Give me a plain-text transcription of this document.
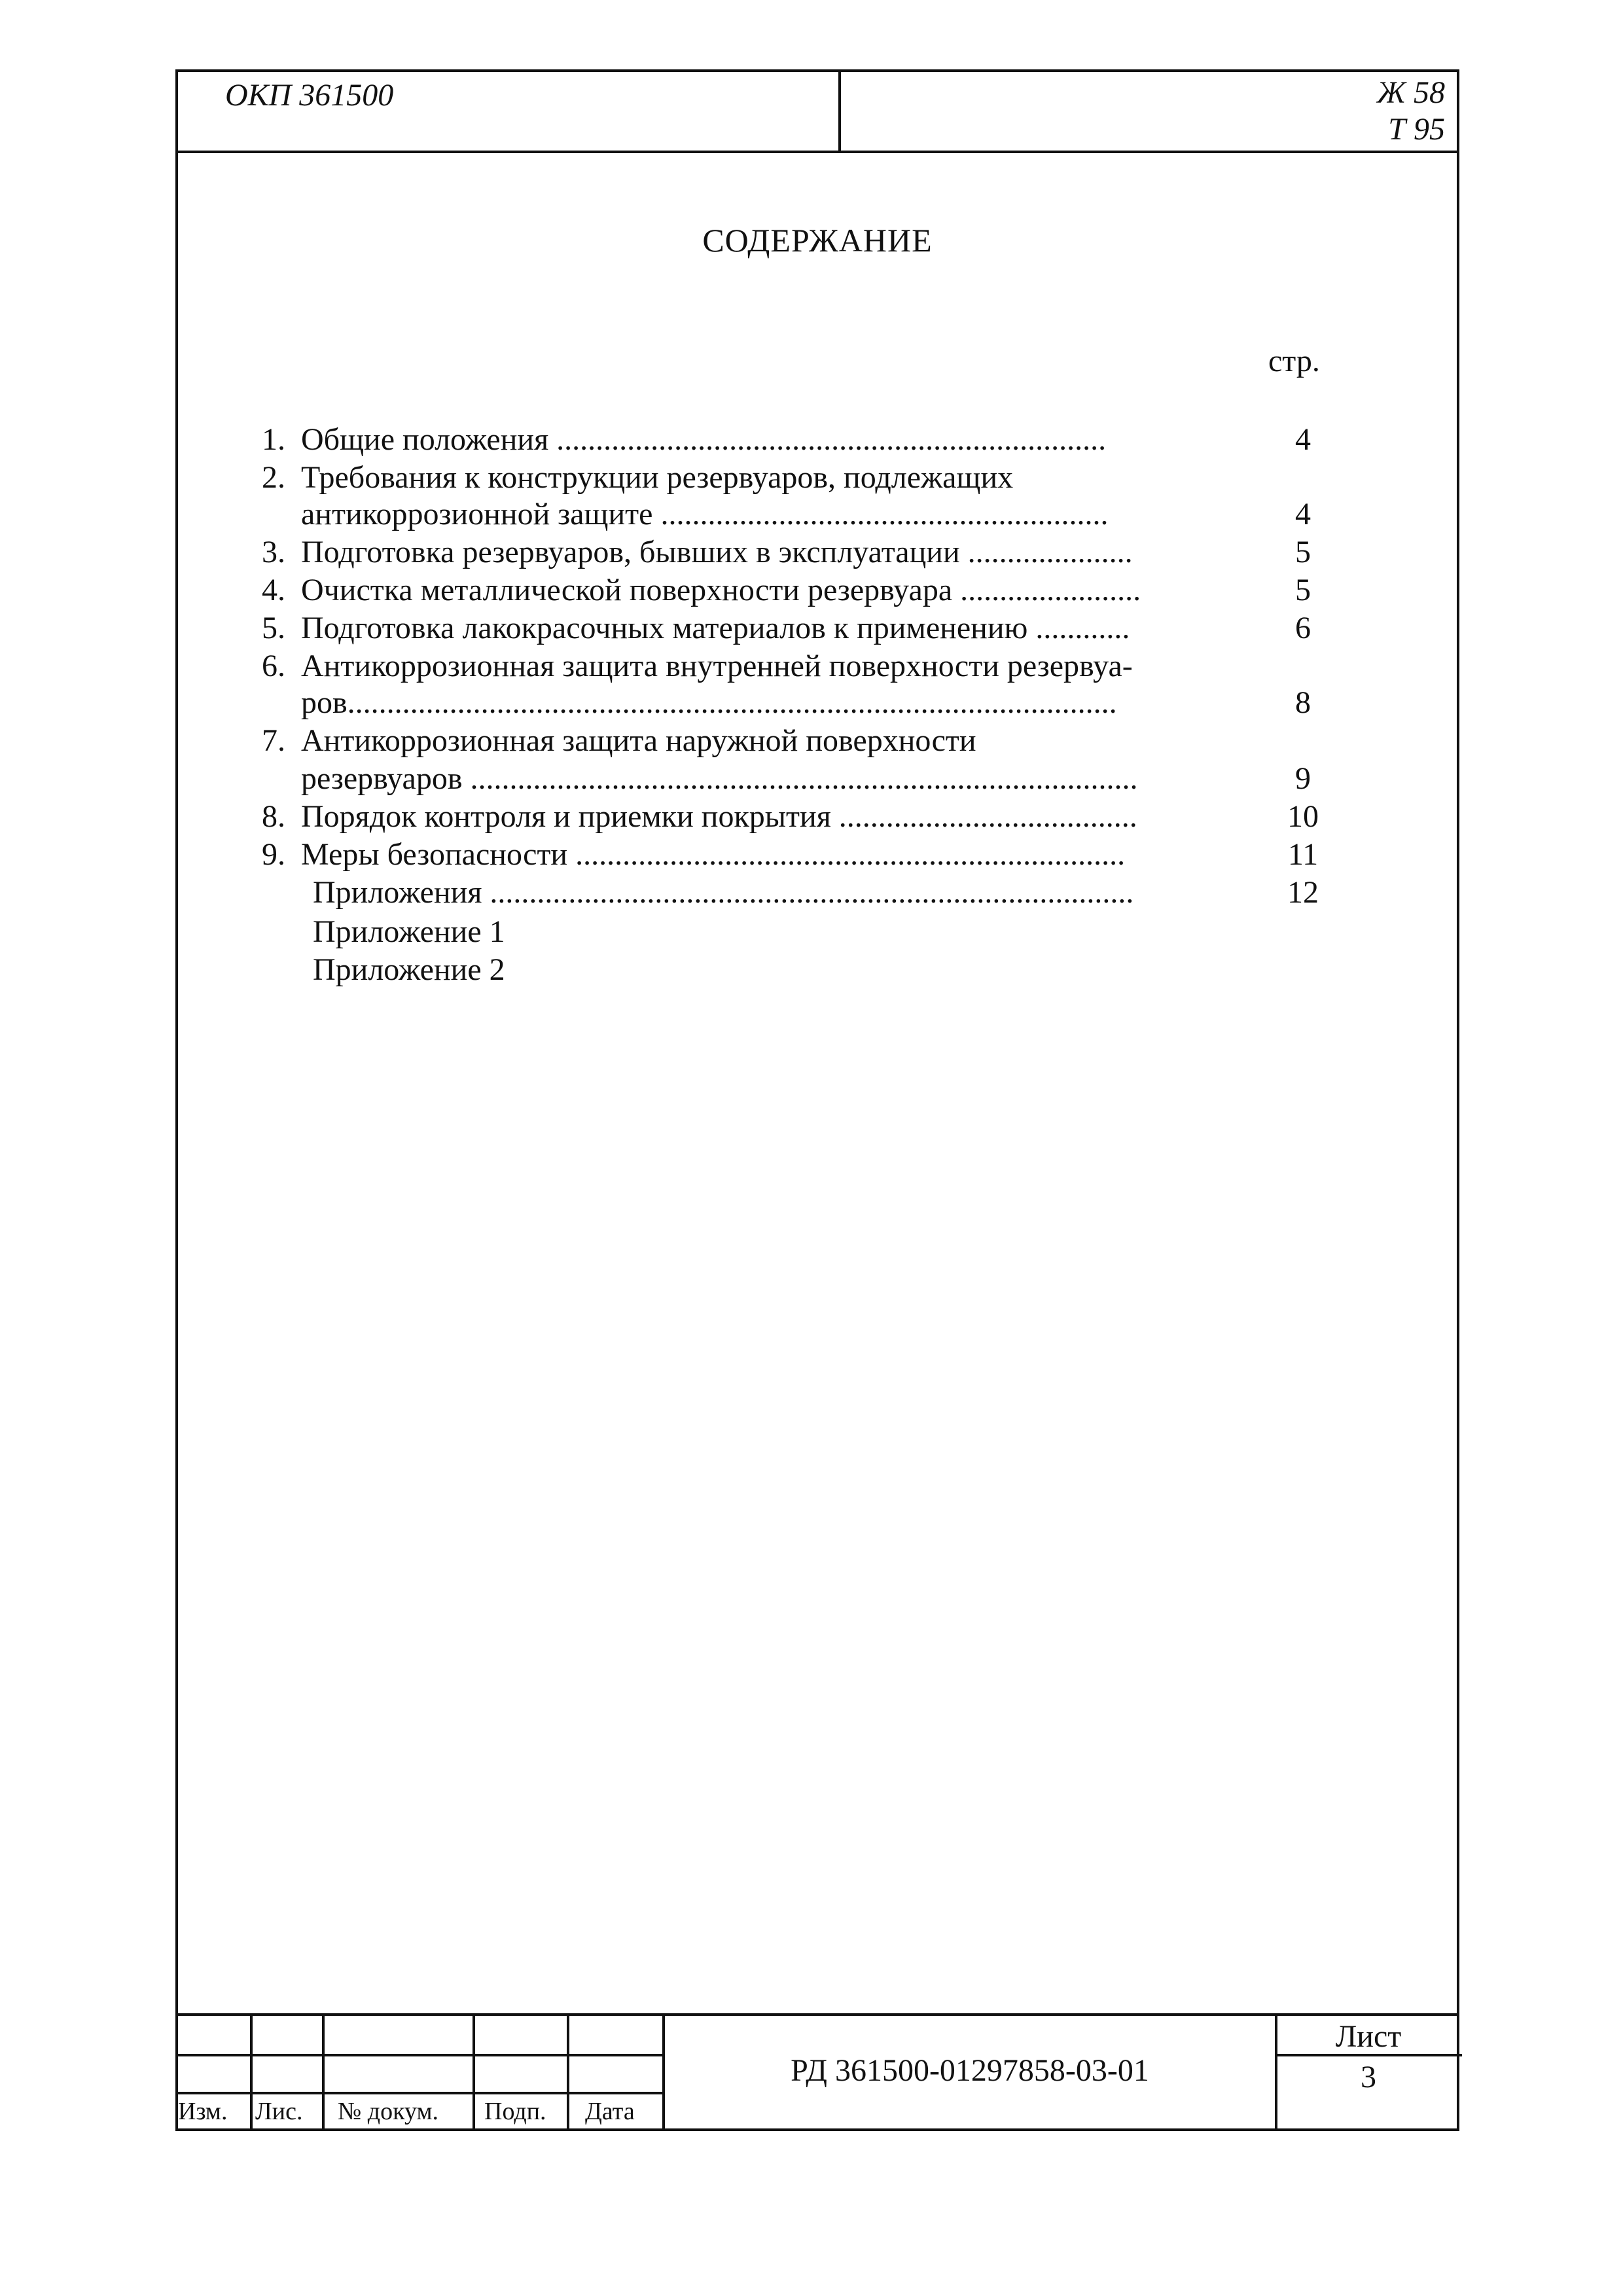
ОКП 361500	Ж 58
Т 95
СОДЕРЖАНИЕ
стр.
1. Общие положения ......................................................................	4
2. Требования к конструкции резервуаров, подлежащих
антикоррозионной защите .........................................................	4
3. Подготовка резервуаров, бывших в эксплуатации .....................	5
4. Очистка металлической поверхности резервуара .......................	5
5. Подготовка лакокрасочных материалов к применению ............	6
6. Антикоррозионная защита внутренней поверхности резервуа-
ров..................................................................................................	8
7. Антикоррозионная защита наружной поверхности
резервуаров .....................................................................................	9
8. Порядок контроля и приемки покрытия ......................................	10
9. Меры безопасности ......................................................................	11
Приложения ..................................................................................	12
Приложение 1
Приложение 2
Изм. Лис. № докум. Подп. Дата
РД 361500-01297858-03-01
Лист
3
